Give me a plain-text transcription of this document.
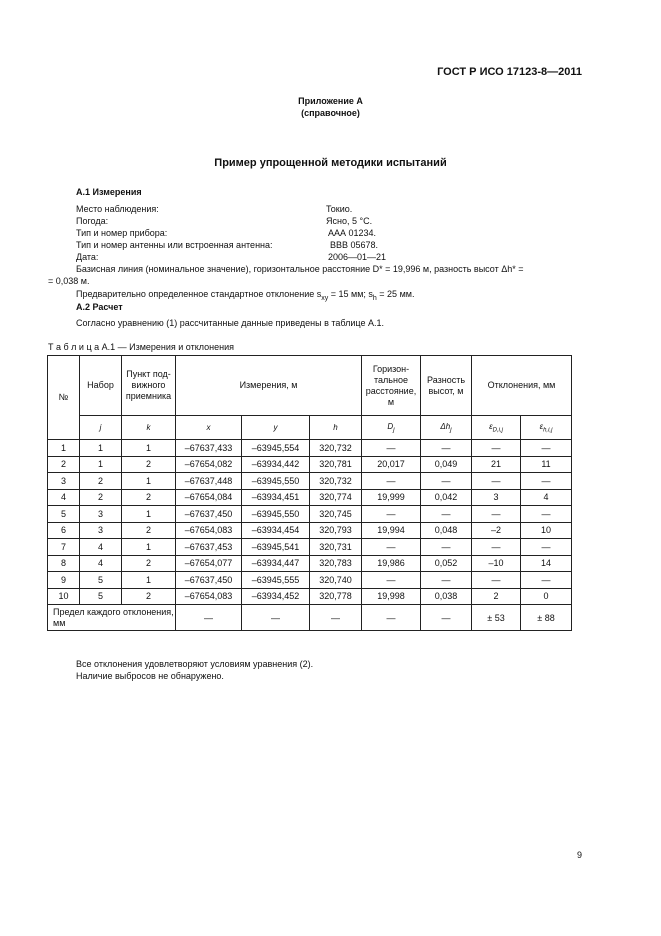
ГОСТ Р ИСО 17123-8—2011
Приложение А
(справочное)
Пример упрощенной методики испытаний
А.1 Измерения
Место наблюдения:	Токио.
Погода:	Ясно, 5 °С.
Тип и номер прибора:	ААА 01234.
Тип и номер антенны или встроенная антенна:	ВВВ 05678.
Дата:	2006—01—21
Базисная линия (номинальное значение), горизонтальное расстояние D* = 19,996 м, разность высот Δh* =
= 0,038 м.
Предварительно определенное стандартное отклонение $s_{xy} = 15$ мм; $s_h = 25$ мм.
А.2 Расчет
Согласно уравнению (1) рассчитанные данные приведены в таблице А.1.
Т а б л и ц а А.1 — Измерения и отклонения
№	Набор	Пункт под-вижного приемника	Измерения, м			Горизон-тальное расстояние, м	Разность высот, м	Отклонения, мм	
	j	k	x	y	h	$D_j$	$\Delta h_j$	$\varepsilon_{D,i,j}$	$\varepsilon_{h,i,j}$
1	1	1	–67637,433	–63945,554	320,732	—	—	—	—
2	1	2	–67654,082	–63934,442	320,781	20,017	0,049	21	11
3	2	1	–67637,448	–63945,550	320,732	—	—	—	—
4	2	2	–67654,084	–63934,451	320,774	19,999	0,042	3	4
5	3	1	–67637,450	–63945,550	320,745	—	—	—	—
6	3	2	–67654,083	–63934,454	320,793	19,994	0,048	–2	10
7	4	1	–67637,453	–63945,541	320,731	—	—	—	—
8	4	2	–67654,077	–63934,447	320,783	19,986	0,052	–10	14
9	5	1	–67637,450	–63945,555	320,740	—	—	—	—
10	5	2	–67654,083	–63934,452	320,778	19,998	0,038	2	0
Предел каждого отклонения, мм			—	—	—	—	—	± 53	± 88
Все отклонения удовлетворяют условиям уравнения (2).
Наличие выбросов не обнаружено.
9
